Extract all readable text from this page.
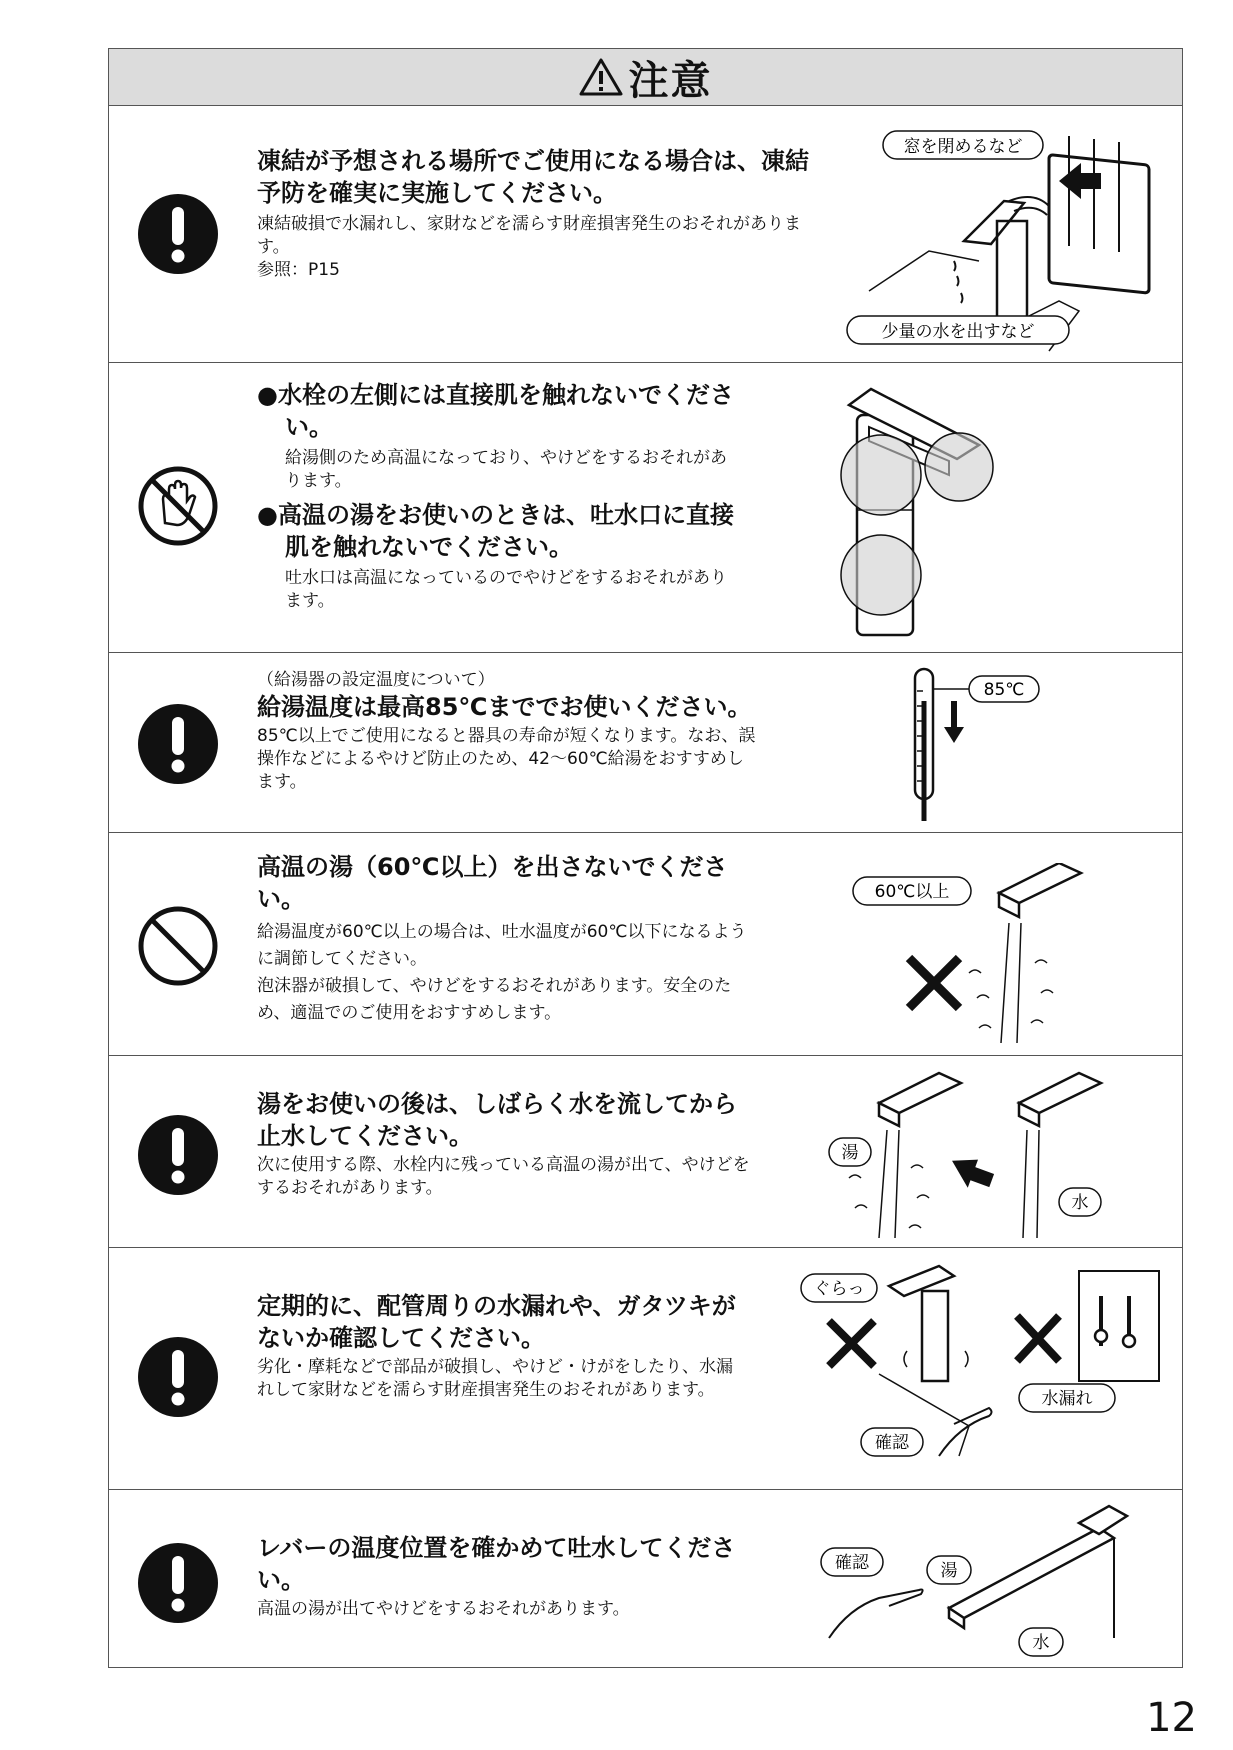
注意
凍結が予想される場所でご使用になる場合は、凍結予防を確実に実施してください。
凍結破損で水漏れし、家財などを濡らす財産損害発生のおそれがあります。
参照：P15
窓を閉めるなど
少量の水を出すなど
●水栓の左側には直接肌を触れないでください。
給湯側のため高温になっており、やけどをするおそれがあります。
●高温の湯をお使いのときは、吐水口に直接肌を触れないでください。
吐水口は高温になっているのでやけどをするおそれがあります。
（給湯器の設定温度について）
給湯温度は最高85℃まででお使いください。
85℃以上でご使用になると器具の寿命が短くなります。なお、誤操作などによるやけど防止のため、42〜60℃給湯をおすすめします。
85℃
高温の湯（60℃以上）を出さないでください。
給湯温度が60℃以上の場合は、吐水温度が60℃以下になるように調節してください。
泡沫器が破損して、やけどをするおそれがあります。安全のため、適温でのご使用をおすすめします。
60℃以上
湯をお使いの後は、しばらく水を流してから止水してください。
次に使用する際、水栓内に残っている高温の湯が出て、やけどをするおそれがあります。
湯
水
定期的に、配管周りの水漏れや、ガタツキがないか確認してください。
劣化・摩耗などで部品が破損し、やけど・けがをしたり、水漏れして家財などを濡らす財産損害発生のおそれがあります。
ぐらっ
水漏れ
確認
レバーの温度位置を確かめて吐水してください。
高温の湯が出てやけどをするおそれがあります。
確認	湯
水
12
